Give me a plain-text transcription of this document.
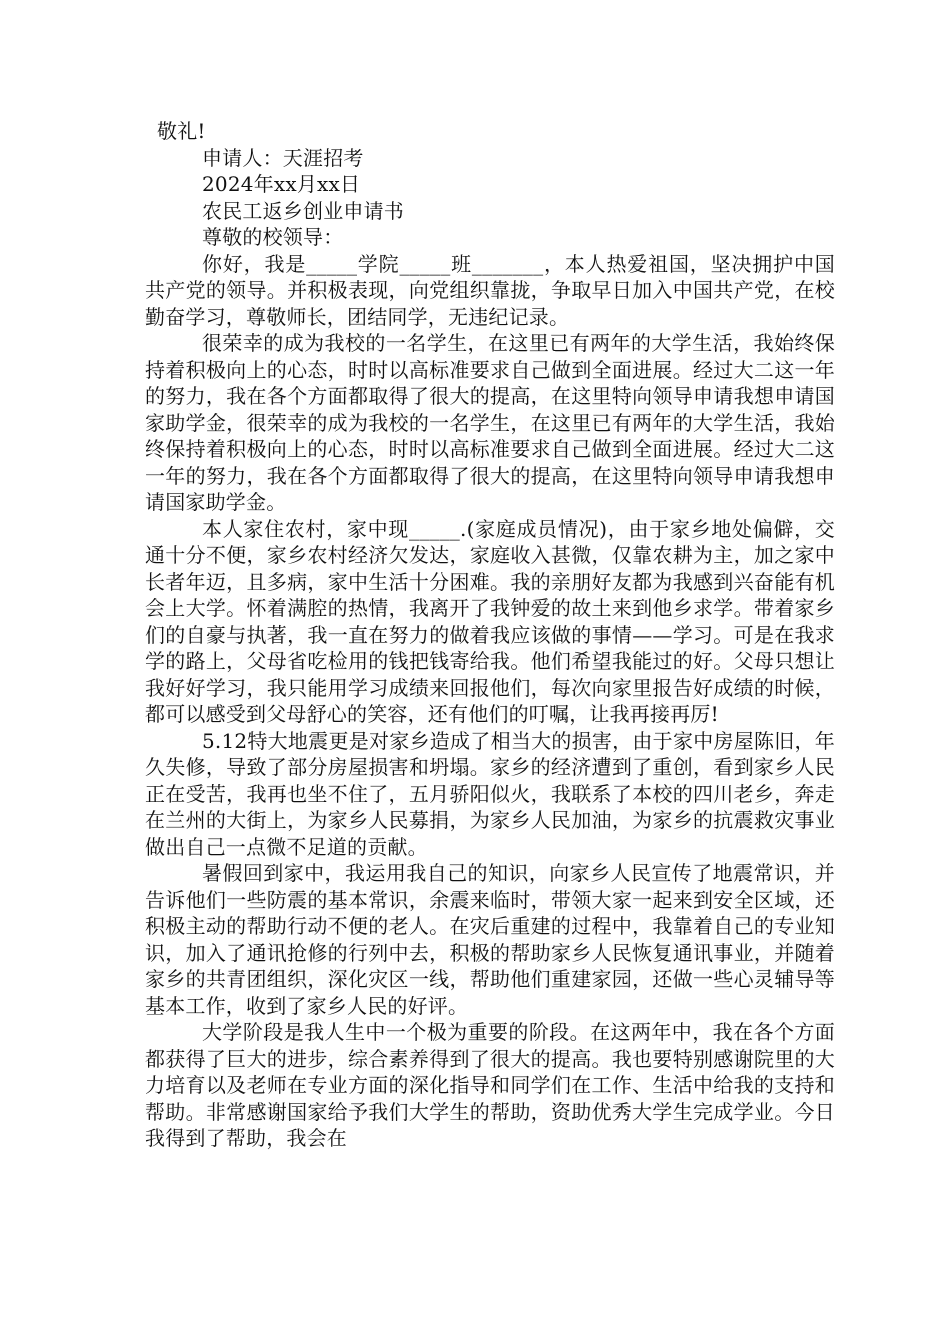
敬礼!

申请人：天涯招考

2024年xx月xx日

农民工返乡创业申请书

尊敬的校领导：

你好，我是_____学院_____班_______，本人热爱祖国，坚决拥护中国共产党的领导。并积极表现，向党组织靠拢，争取早日加入中国共产党，在校勤奋学习，尊敬师长，团结同学，无违纪记录。

很荣幸的成为我校的一名学生，在这里已有两年的大学生活，我始终保持着积极向上的心态，时时以高标准要求自己做到全面进展。经过大二这一年的努力，我在各个方面都取得了很大的提高，在这里特向领导申请我想申请国家助学金，很荣幸的成为我校的一名学生，在这里已有两年的大学生活，我始终保持着积极向上的心态，时时以高标准要求自己做到全面进展。经过大二这一年的努力，我在各个方面都取得了很大的提高，在这里特向领导申请我想申请国家助学金。

本人家住农村，家中现_____.(家庭成员情况)，由于家乡地处偏僻，交通十分不便，家乡农村经济欠发达，家庭收入甚微，仅靠农耕为主，加之家中长者年迈，且多病，家中生活十分困难。我的亲朋好友都为我感到兴奋能有机会上大学。怀着满腔的热情，我离开了我钟爱的故土来到他乡求学。带着家乡们的自豪与执著，我一直在努力的做着我应该做的事情——学习。可是在我求学的路上，父母省吃检用的钱把钱寄给我。他们希望我能过的好。父母只想让我好好学习，我只能用学习成绩来回报他们，每次向家里报告好成绩的时候，都可以感受到父母舒心的笑容，还有他们的叮嘱，让我再接再厉!

5.12特大地震更是对家乡造成了相当大的损害，由于家中房屋陈旧，年久失修，导致了部分房屋损害和坍塌。家乡的经济遭到了重创，看到家乡人民正在受苦，我再也坐不住了，五月骄阳似火，我联系了本校的四川老乡，奔走在兰州的大街上，为家乡人民募捐，为家乡人民加油，为家乡的抗震救灾事业做出自己一点微不足道的贡献。

暑假回到家中，我运用我自己的知识，向家乡人民宣传了地震常识，并告诉他们一些防震的基本常识，余震来临时，带领大家一起来到安全区域，还积极主动的帮助行动不便的老人。在灾后重建的过程中，我靠着自己的专业知识，加入了通讯抢修的行列中去，积极的帮助家乡人民恢复通讯事业，并随着家乡的共青团组织，深化灾区一线，帮助他们重建家园，还做一些心灵辅导等基本工作，收到了家乡人民的好评。

大学阶段是我人生中一个极为重要的阶段。在这两年中，我在各个方面都获得了巨大的进步，综合素养得到了很大的提高。我也要特别感谢院里的大力培育以及老师在专业方面的深化指导和同学们在工作、生活中给我的支持和帮助。非常感谢国家给予我们大学生的帮助，资助优秀大学生完成学业。今日我得到了帮助，我会在
